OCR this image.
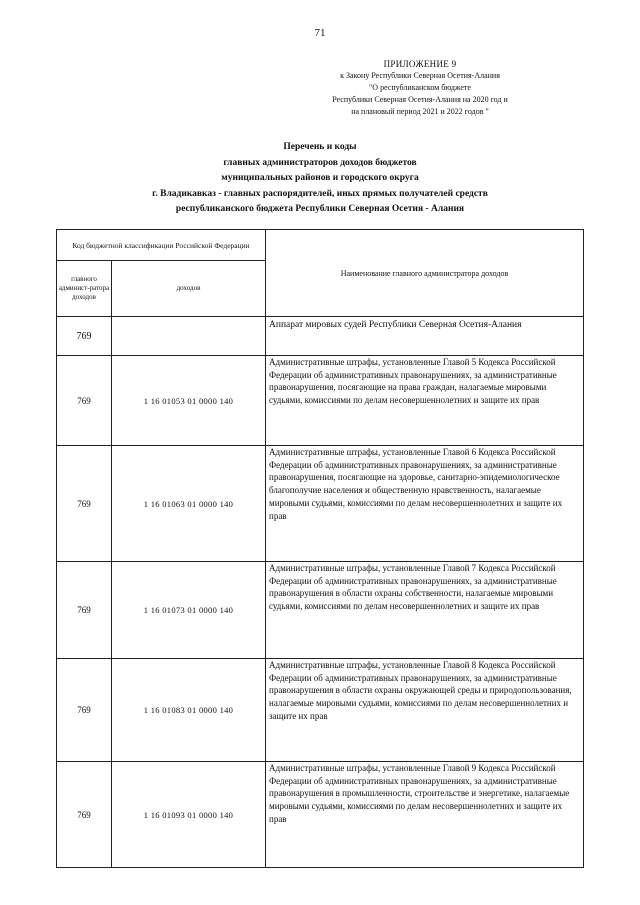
71
ПРИЛОЖЕНИЕ 9
к Закону Республики Северная Осетия-Алания
"О республиканском бюджете
Республики Северная Осетия-Алания на 2020 год и
на плановый период 2021 и 2022 годов "
Перечень и коды
главных администраторов доходов бюджетов
муниципальных районов и городского округа
г. Владикавказ - главных распорядителей, иных прямых получателей средств
республиканского бюджета Республики Северная Осетия - Алания
Код бюджетной классификации Российской Федерации		Наименование главного администратора доходов
главного админист-ратора доходов	доходов	
769		Аппарат мировых судей Республики Северная Осетия-Алания
769	1 16 01053 01 0000 140	Административные штрафы, установленные Главой 5 Кодекса Российской Федерации об административных правонарушениях, за административные правонарушения, посягающие на права граждан, налагаемые мировыми судьями, комиссиями по делам несовершеннолетних и защите их прав
769	1 16 01063 01 0000 140	Административные штрафы, установленные Главой 6 Кодекса Российской Федерации об административных правонарушениях, за административные правонарушения, посягающие на здоровье, санитарно-эпидемиологическое благополучие населения и общественную нравственность, налагаемые мировыми судьями, комиссиями по делам несовершеннолетних и защите их прав
769	1 16 01073 01 0000 140	Административные штрафы, установленные Главой 7 Кодекса Российской Федерации об административных правонарушениях, за административные правонарушения в области охраны собственности, налагаемые мировыми судьями, комиссиями по делам несовершеннолетних и защите их прав
769	1 16 01083 01 0000 140	Административные штрафы, установленные Главой 8 Кодекса Российской Федерации об административных правонарушениях, за административные правонарушения в области охраны окружающей среды и природопользования, налагаемые мировыми судьями, комиссиями по делам несовершеннолетних и защите их прав
769	1 16 01093 01 0000 140	Административные штрафы, установленные Главой 9 Кодекса Российской Федерации об административных правонарушениях, за административные правонарушения в промышленности, строительстве и энергетике, налагаемые мировыми судьями, комиссиями по делам несовершеннолетних и защите их прав
